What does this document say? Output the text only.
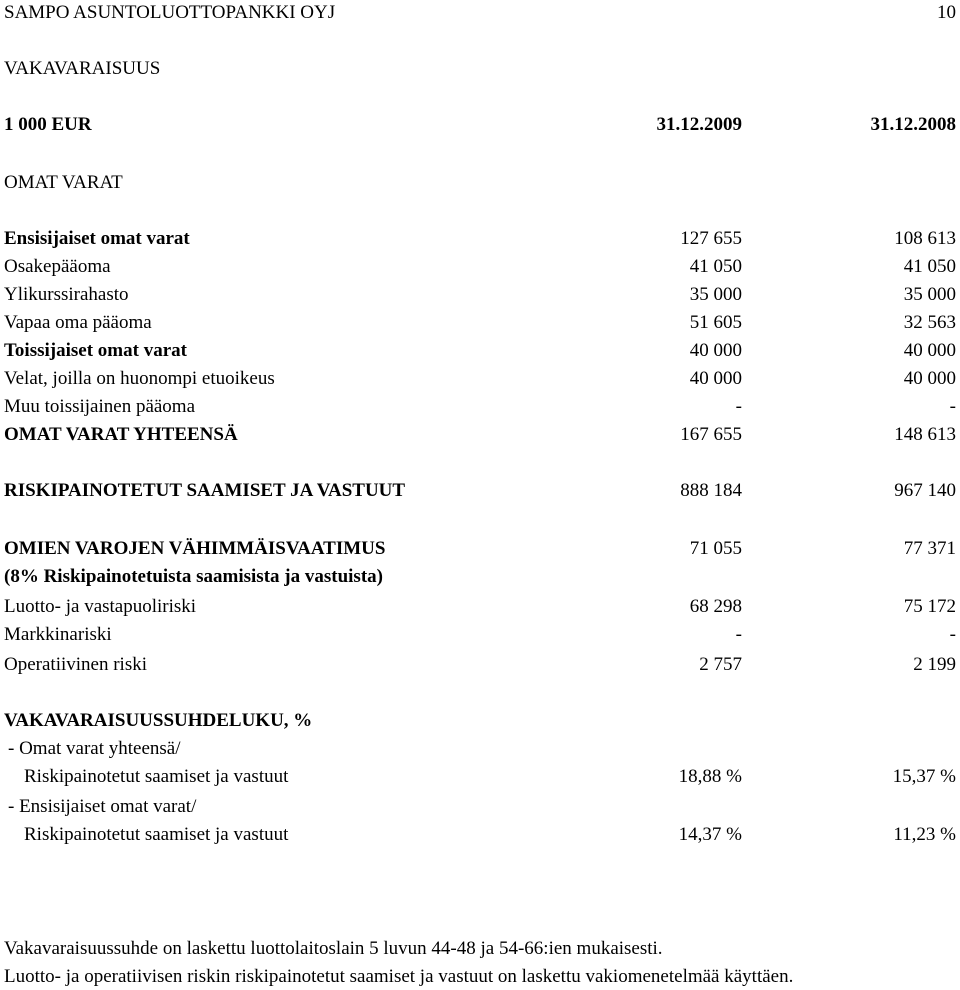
SAMPO ASUNTOLUOTTOPANKKI OYJ	10
VAKAVARAISUUS
1 000 EUR	31.12.2009	31.12.2008
OMAT VARAT
Ensisijaiset omat varat	127 655	108 613
Osakepääoma	41 050	41 050
Ylikurssirahasto	35 000	35 000
Vapaa oma pääoma	51 605	32 563
Toissijaiset omat varat	40 000	40 000
Velat, joilla on huonompi etuoikeus	40 000	40 000
Muu toissijainen pääoma	-	-
OMAT VARAT YHTEENSÄ	167 655	148 613
RISKIPAINOTETUT SAAMISET JA VASTUUT	888 184	967 140
OMIEN VAROJEN VÄHIMMÄISVAATIMUS	71 055	77 371
(8% Riskipainotetuista saamisista ja vastuista)
Luotto- ja vastapuoliriski	68 298	75 172
Markkinariski	-	-
Operatiivinen riski	2 757	2 199
VAKAVARAISUUSSUHDELUKU, %
- Omat varat yhteensä/
Riskipainotetut saamiset ja vastuut	18,88 %	15,37 %
- Ensisijaiset omat varat/
Riskipainotetut saamiset ja vastuut	14,37 %	11,23 %
Vakavaraisuussuhde on laskettu luottolaitoslain 5 luvun 44-48 ja 54-66:ien mukaisesti.
Luotto- ja operatiivisen riskin riskipainotetut saamiset ja vastuut on laskettu vakiomenetelmää käyttäen.
